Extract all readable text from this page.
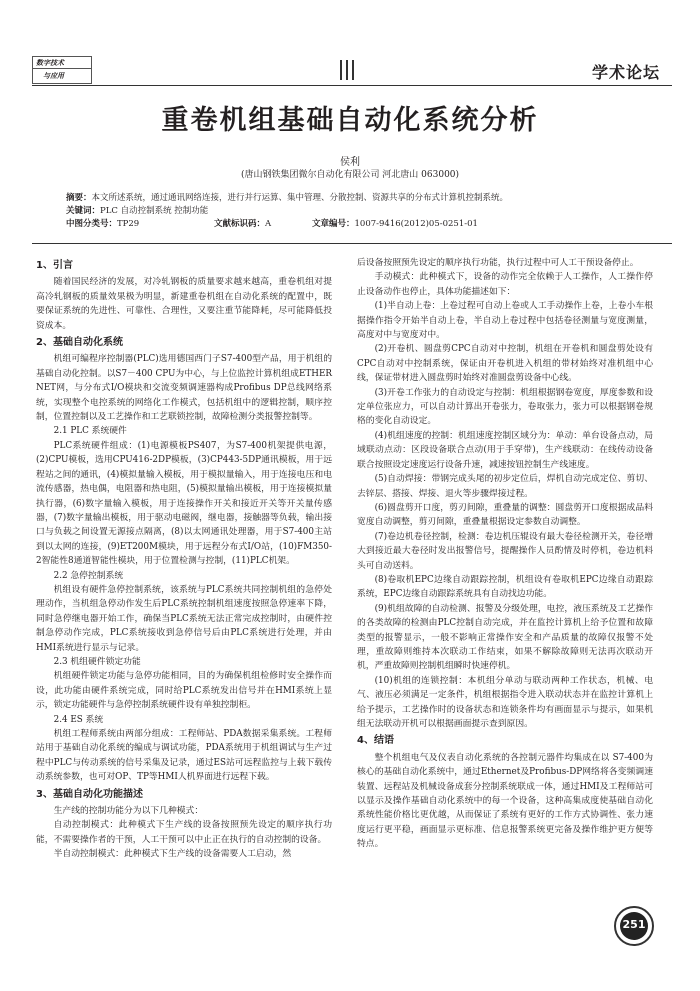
数字技术
与应用	学术论坛
重卷机组基础自动化系统分析
侯利
(唐山钢铁集团微尔自动化有限公司 河北唐山 063000)
摘要：本文所述系统，通过通讯网络连接，进行并行运算、集中管理、分散控制、资源共享的分布式计算机控制系统。
关键词：PLC 自动控制系统 控制功能
中图分类号：TP29	文献标识码：A	文章编号：1007-9416(2012)05-0251-01
1、引言

随着国民经济的发展，对冷轧钢板的质量要求越来越高，重卷机组对提高冷轧钢板的质量效果极为明显，新建重卷机组在自动化系统的配置中，既要保证系统的先进性、可靠性、合理性，又要注重节能降耗，尽可能降低投资成本。

2、基础自动化系统

机组可编程序控制器(PLC)选用德国西门子S7-400型产品，用于机组的基础自动化控制。以S7－400 CPU为中心，与上位监控计算机组成ETHER NET网，与分布式I/O模块和交流变频调速器构成Profibus DP总线网络系统，实现整个电控系统的网络化工作模式，包括机组中的逻辑控制，顺序控制，位置控制以及工艺操作和工艺联锁控制，故障检测分类报警控制等。

2.1 PLC 系统硬件

PLC系统硬件组成：(1)电源模板PS407，为S7-400机架提供电源，(2)CPU模板，选用CPU416-2DP模板，(3)CP443-5DP通讯模板，用于远程站之间的通讯，(4)模拟量输入模板，用于模拟量输入，用于连接电压和电流传感器，热电偶，电阻器和热电阻，(5)模拟量输出模板，用于连接模拟量执行器，(6)数字量输入模板，用于连接操作开关和接近开关等开关量传感器，(7)数字量输出模板，用于驱动电磁阀，继电器，接触器等负载，输出接口与负载之间设置无源接点隔离，(8)以太网通讯处理器，用于S7-400主站到以太网的连接，(9)ET200M模块，用于远程分布式I/O站，(10)FM350-2智能性8通道智能性模块，用于位置检测与控制，(11)PLC机架。

2.2 急停控制系统

机组设有硬件急停控制系统，该系统与PLC系统共同控制机组的急停处理动作，当机组急停动作发生后PLC系统控制机组速度按照急停速率下降，同时急停继电器开始工作，确保当PLC系统无法正常完成控制时，由硬件控制急停动作完成，PLC系统接收到急停信号后由PLC系统进行处理，并由HMI系统进行显示与记录。

2.3 机组硬件锁定功能

机组硬件锁定功能与急停功能相同，目的为确保机组检修时安全操作而设，此功能由硬件系统完成，同时给PLC系统发出信号并在HMI系统上显示，锁定功能硬件与急停控制系统硬件设有单独控制柜。

2.4 ES 系统

机组工程师系统由两部分组成：工程师站、PDA数据采集系统。工程师站用于基础自动化系统的编成与调试功能，PDA系统用于机组调试与生产过程中PLC与传动系统的信号采集及记录，通过ES站可远程监控与上载下载传动系统参数，也可对OP、TP等HMI人机界面进行远程下载。

3、基础自动化功能描述

生产线的控制功能分为以下几种模式：

自动控制模式：此种模式下生产线的设备按照预先设定的顺序执行功能，不需要操作者的干预，人工干预可以中止正在执行的自动控制的设备。

半自动控制模式：此种模式下生产线的设备需要人工启动，然

后设备按照预先设定的顺序执行功能，执行过程中可人工干预设备停止。

手动模式：此种模式下，设备的动作完全依赖于人工操作，人工操作停止设备动作也停止，具体功能描述如下：

(1)半自动上卷：上卷过程可自动上卷或人工手动操作上卷，上卷小车根据操作指令开始半自动上卷，半自动上卷过程中包括卷径测量与宽度测量，高度对中与宽度对中。

(2)开卷机、圆盘剪CPC自动对中控制，机组在开卷机和圆盘剪处设有CPC自动对中控制系统，保证由开卷机进入机组的带材始终对准机组中心线，保证带材进入圆盘剪时始终对准圆盘剪设备中心线。

(3)开卷工作张力的自动设定与控制：机组根据钢卷宽度，厚度参数和设定单位张应力，可以自动计算出开卷张力，卷取张力，张力可以根据钢卷规格的变化自动设定。

(4)机组速度的控制：机组速度控制区域分为：单动：单台设备点动，局域联动点动：区段设备联合点动(用于手穿带)，生产线联动：在线传动设备联合按照设定速度运行设备升速，减速按钮控制生产线速度。

(5)自动焊接：带钢完成头尾的初步定位后，焊机自动完成定位、剪切、去锌层、搭接、焊接、退火等步骤焊接过程。

(6)圆盘剪开口度，剪刃间隙，重叠量的调整：圆盘剪开口度根据成品料宽度自动调整，剪刃间隙，重叠量根据设定参数自动调整。

(7)卷边机卷径控制，检测：卷边机压辊设有最大卷径检测开关，卷径增大到接近最大卷径时发出报警信号，提醒操作人员酌情及时停机，卷边机料头可自动送料。

(8)卷取机EPC边缘自动跟踪控制，机组设有卷取机EPC边缘自动跟踪系统，EPC边缘自动跟踪系统具有自动找边功能。

(9)机组故障的自动检测、报警及分级处理，电控，液压系统及工艺操作的各类故障的检测由PLC控制自动完成，并在监控计算机上给予位置和故障类型的报警显示，一般不影响正常操作安全和产品质量的故障仅报警不处理，重故障则维持本次联动工作结束，如果不解除故障则无法再次联动开机，严重故障则控制机组瞬时快速停机。

(10)机组的连锁控制：本机组分单动与联动两种工作状态，机械、电气、液压必须满足一定条件，机组根据指令进入联动状态并在监控计算机上给予提示，工艺操作时的设备状态和连锁条件均有画面显示与提示，如果机组无法联动开机可以根据画面提示查到原因。

4、结语

整个机组电气及仪表自动化系统的各控制元器件均集成在以 S7-400为核心的基础自动化系统中，通过Ethernet及Profibus-DP网络将各变频调速装置、远程站及机械设备成套分控制系统联成一体，通过HMI及工程师站可以显示及操作基础自动化系统中的每一个设备，这种高集成度使基础自动化系统性能价格比更优越，从而保证了系统有更好的工作方式协调性、张力速度运行更平稳，画面显示更标准、信息报警系统更完备及操作维护更方便等特点。

251
